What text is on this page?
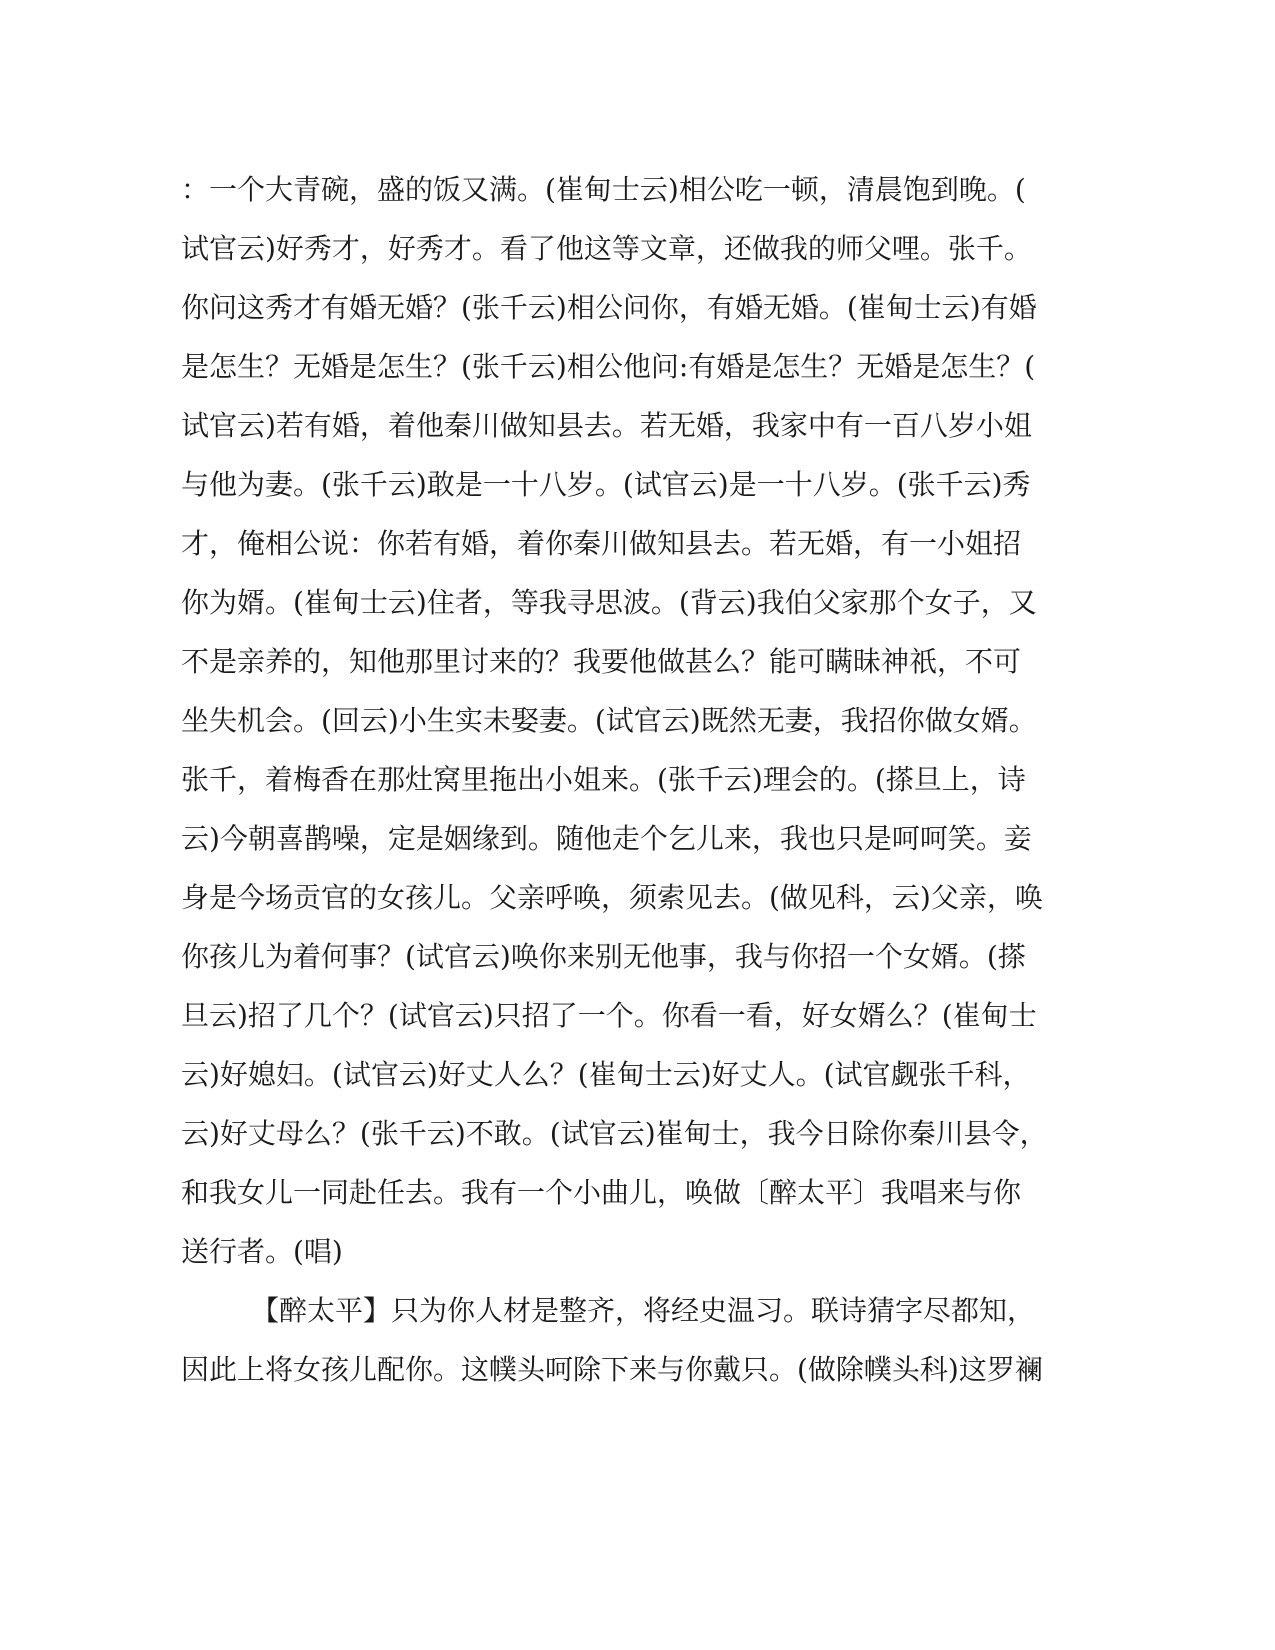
：一个大青碗，盛的饭又满。(崔甸士云)相公吃一顿，清晨饱到晚。(
试官云)好秀才，好秀才。看了他这等文章，还做我的师父哩。张千。
你问这秀才有婚无婚？(张千云)相公问你，有婚无婚。(崔甸士云)有婚
是怎生？无婚是怎生？(张千云)相公他问:有婚是怎生？无婚是怎生？(
试官云)若有婚，着他秦川做知县去。若无婚，我家中有一百八岁小姐
与他为妻。(张千云)敢是一十八岁。(试官云)是一十八岁。(张千云)秀
才，俺相公说：你若有婚，着你秦川做知县去。若无婚，有一小姐招
你为婿。(崔甸士云)住者，等我寻思波。(背云)我伯父家那个女子，又
不是亲养的，知他那里讨来的？我要他做甚么？能可瞒昧神祇，不可
坐失机会。(回云)小生实未娶妻。(试官云)既然无妻，我招你做女婿。
张千，着梅香在那灶窝里拖出小姐来。(张千云)理会的。(搽旦上，诗
云)今朝喜鹊噪，定是姻缘到。随他走个乞儿来，我也只是呵呵笑。妾
身是今场贡官的女孩儿。父亲呼唤，须索见去。(做见科，云)父亲，唤
你孩儿为着何事？(试官云)唤你来别无他事，我与你招一个女婿。(搽
旦云)招了几个？(试官云)只招了一个。你看一看，好女婿么？(崔甸士
云)好媳妇。(试官云)好丈人么？(崔甸士云)好丈人。(试官觑张千科，
云)好丈母么？(张千云)不敢。(试官云)崔甸士，我今日除你秦川县令，
和我女儿一同赴任去。我有一个小曲儿，唤做〔醉太平〕我唱来与你
送行者。(唱)
【醉太平】只为你人材是整齐，将经史温习。联诗猜字尽都知，
因此上将女孩儿配你。这幞头呵除下来与你戴只。(做除幞头科)这罗襕
